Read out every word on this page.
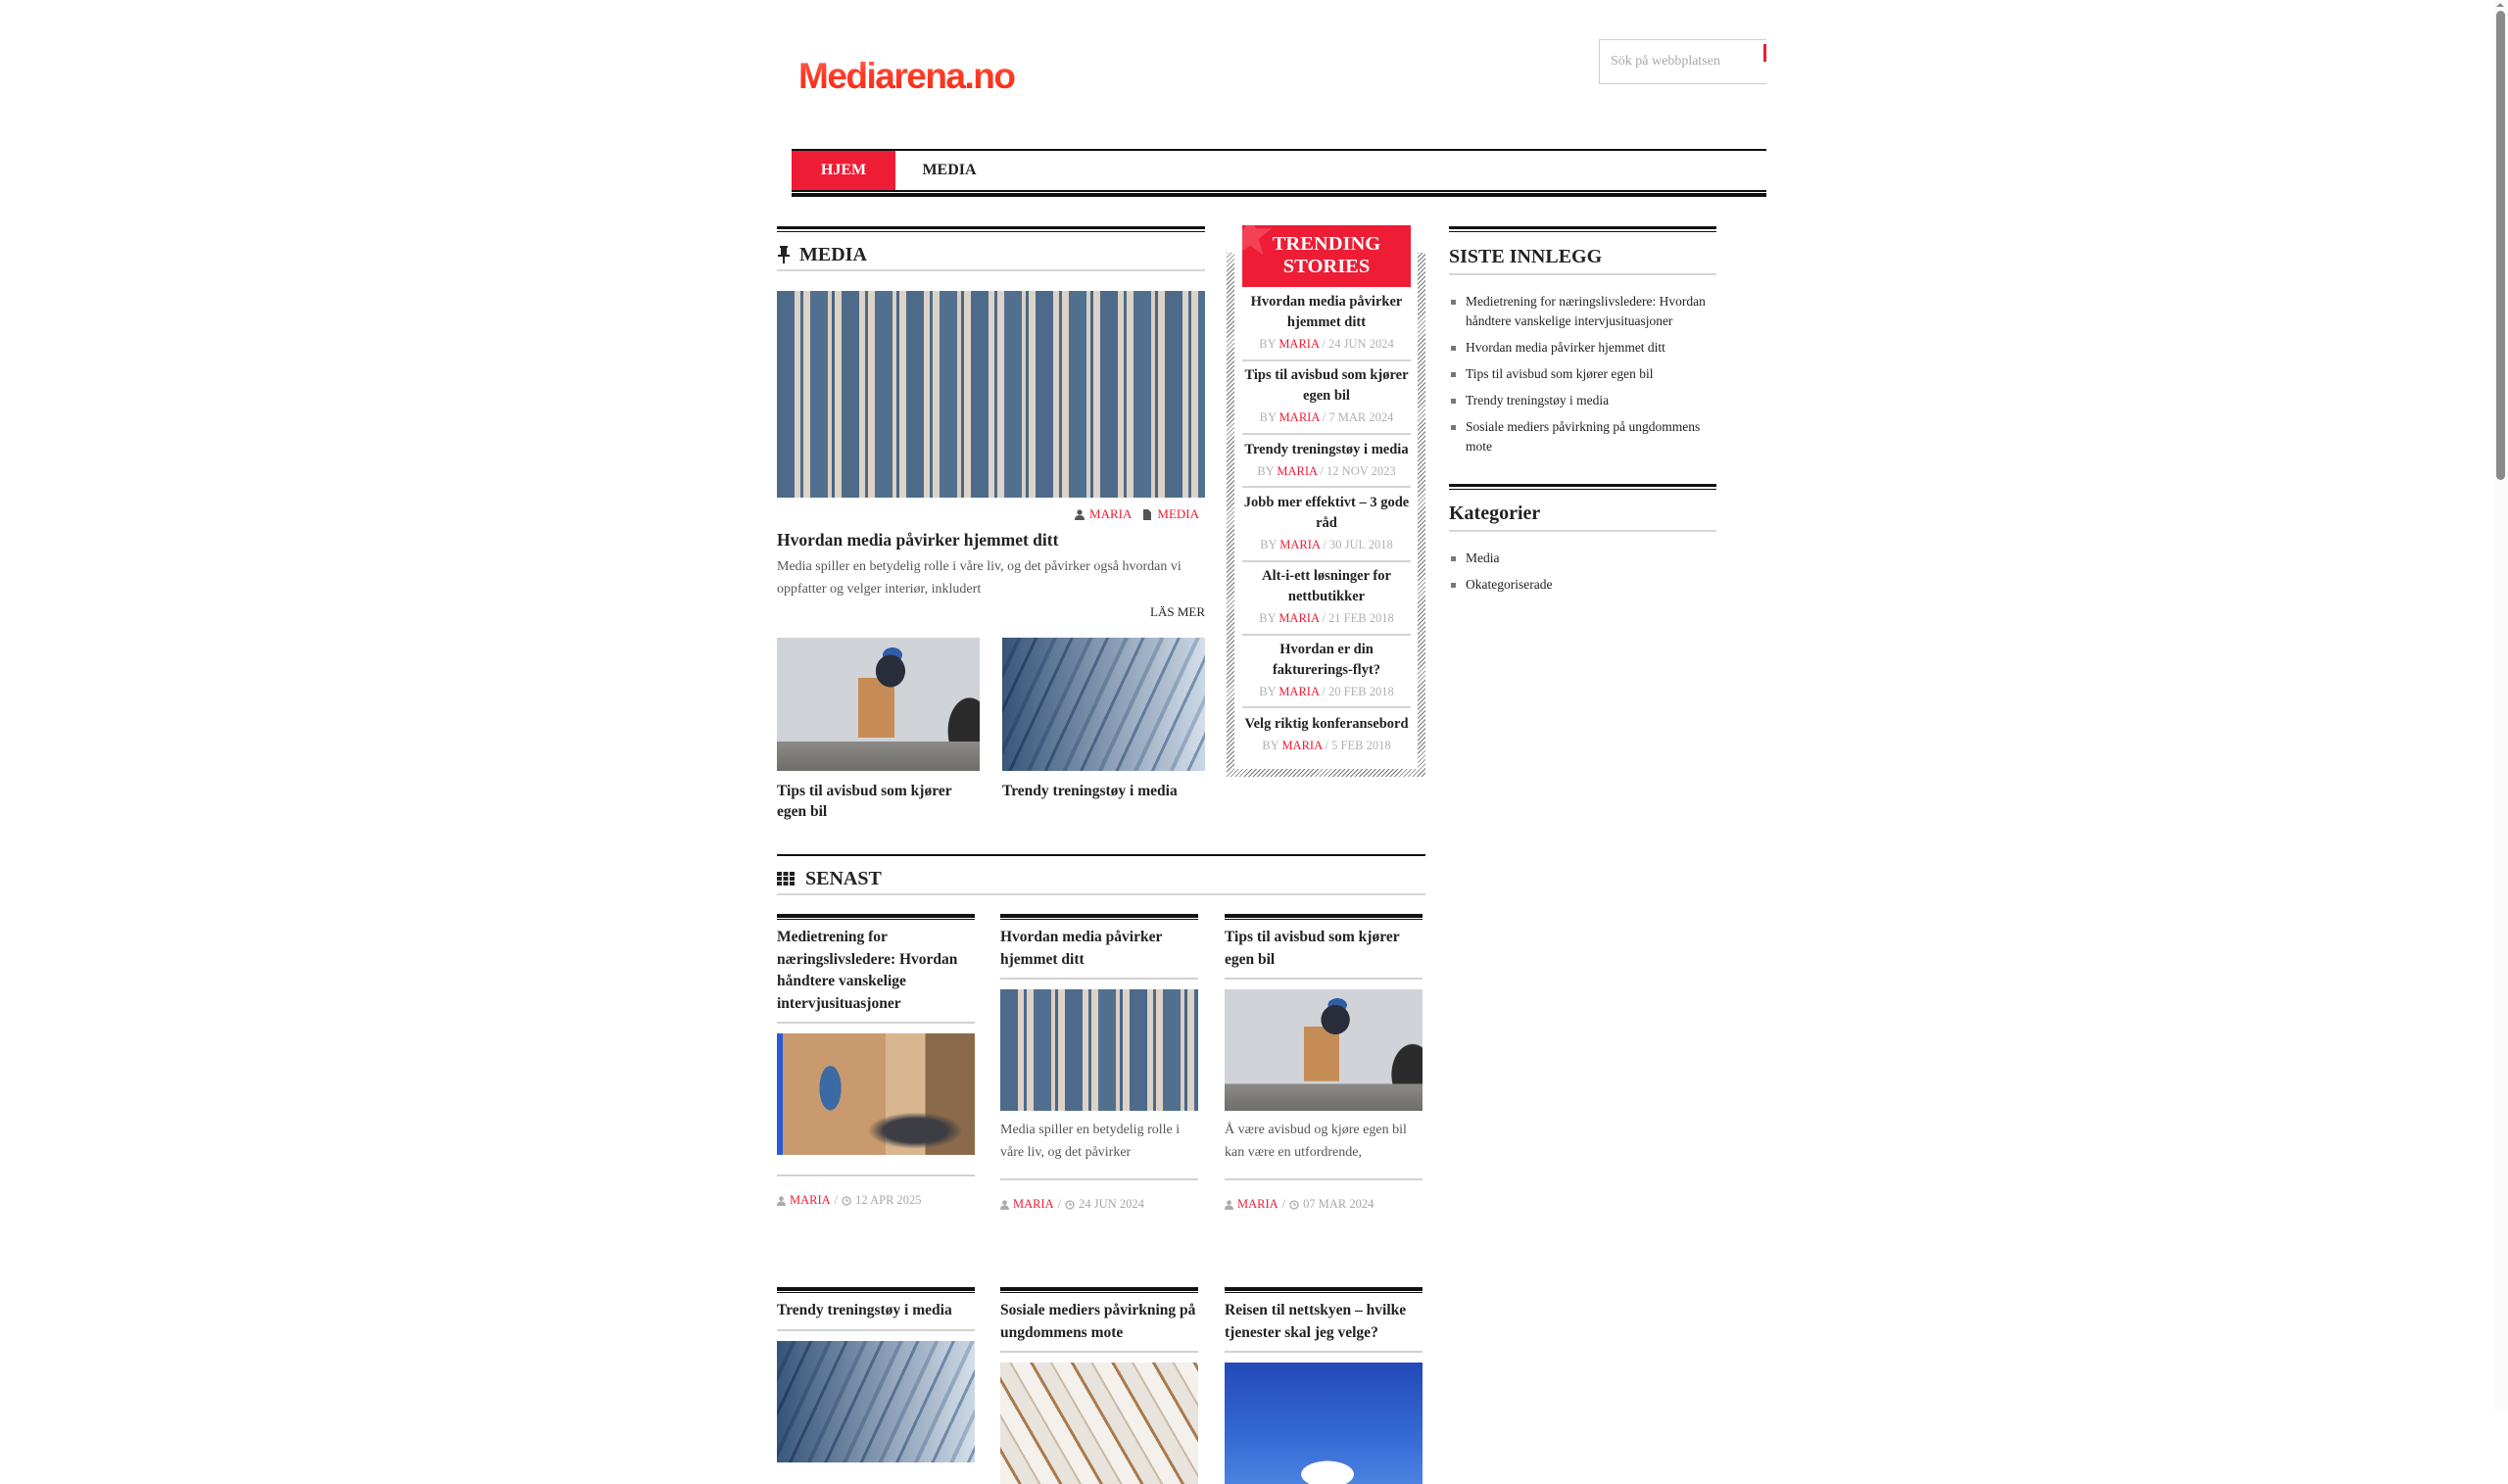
Mediarena.no
Sök på webbplatsen
HJEM	MEDIA
MEDIA
MARIA MEDIA
Hvordan media påvirker hjemmet ditt
Media spiller en betydelig rolle i våre liv, og det påvirker også hvordan vi oppfatter og velger interiør, inkludert
LÄS MER
Tips til avisbud som kjører egen bil
Trendy treningstøy i media
TRENDING
STORIES
Hvordan media påvirker hjemmet ditt
BY MARIA / 24 JUN 2024
Tips til avisbud som kjører egen bil
BY MARIA / 7 MAR 2024
Trendy treningstøy i media
BY MARIA / 12 NOV 2023
Jobb mer effektivt – 3 gode råd
BY MARIA / 30 JUL 2018
Alt-i-ett løsninger for nettbutikker
BY MARIA / 21 FEB 2018
Hvordan er din fakturerings-flyt?
BY MARIA / 20 FEB 2018
Velg riktig konferansebord
BY MARIA / 5 FEB 2018
SISTE INNLEGG
Medietrening for næringslivsledere: Hvordan håndtere vanskelige intervjusituasjoner
Hvordan media påvirker hjemmet ditt
Tips til avisbud som kjører egen bil
Trendy treningstøy i media
Sosiale mediers påvirkning på ungdommens mote
Kategorier
Media
Okategoriserade
SENAST
Medietrening for næringslivsledere: Hvordan håndtere vanskelige intervjusituasjoner
MARIA / 12 APR 2025
Hvordan media påvirker hjemmet ditt
Media spiller en betydelig rolle i våre liv, og det påvirker
MARIA / 24 JUN 2024
Tips til avisbud som kjører egen bil
Å være avisbud og kjøre egen bil kan være en utfordrende,
MARIA / 07 MAR 2024
Trendy treningstøy i media	Sosiale mediers påvirkning på ungdommens mote
Reisen til nettskyen – hvilke tjenester skal jeg velge?
